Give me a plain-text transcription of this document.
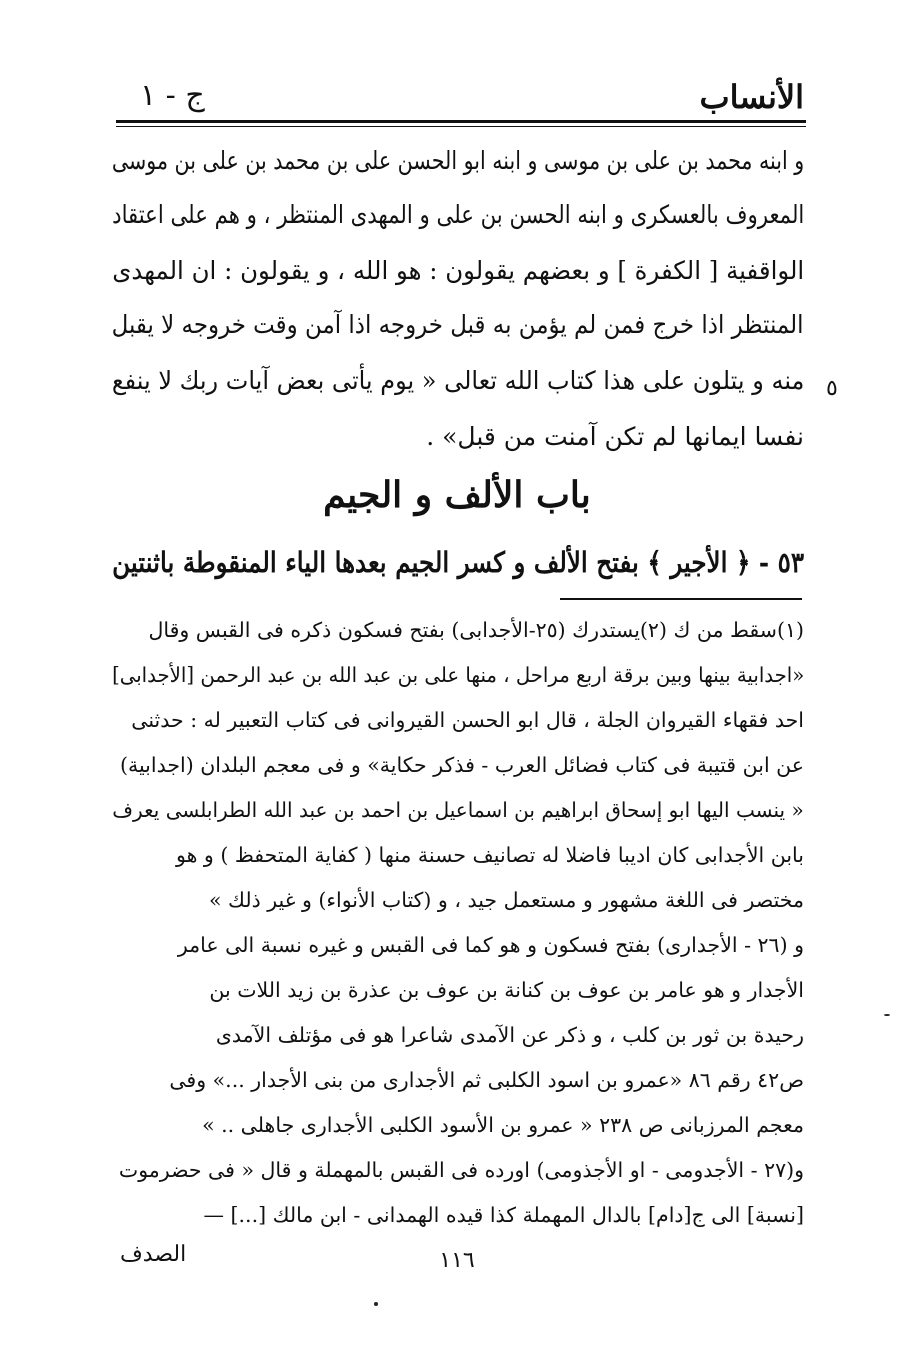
الأنساب
ج - ١
و ابنه محمد بن علی بن موسى و ابنه ابو الحسن على بن محمد بن على بن موسى
المعروف بالعسکری و ابنه الحسن بن علی و المهدی المنتظر ، و هم على اعتقاد
الواقفية [ الكفرة ] و بعضهم يقولون : هو الله ، و يقولون : ان المهدی
المنتظر اذا خرج فمن لم يؤمن به قبل خروجه اذا آمن وقت خروجه لا يقبل
منه و يتلون على هذا كتاب الله تعالى « يوم يأتى بعض آيات ربك لا ينفع
نفسا ايمانها لم تكن آمنت من قبل» .
٥
باب الألف و الجيم
٥٣ - ﴿ الأجير ﴾ بفتح الألف و كسر الجيم بعدها الياء المنقوطة باثنتين
(١)سقط من ك (٢)يستدرك (٢٥-الأجدابى) بفتح فسكون ذكره فى القبس وقال
«اجدابية بينها وبين برقة اربع مراحل ، منها على بن عبد الله بن عبد الرحمن [الأجدابى]
احد فقهاء القيروان الجلة ، قال ابو الحسن القيروانى فى كتاب التعبير له : حدثنى
عن ابن قتيبة فى كتاب فضائل العرب - فذكر حكاية» و فى معجم البلدان (اجدابية)
« ينسب اليها ابو إسحاق ابراهيم بن اسماعيل بن احمد بن عبد الله الطرابلسى يعرف
بابن الأجدابى كان اديبا فاضلا له تصانيف حسنة منها ( كفاية المتحفظ ) و هو
مختصر فى اللغة مشهور و مستعمل جيد ، و (كتاب الأنواء) و غير ذلك »
و (٢٦ - الأجدارى) بفتح فسكون و هو كما فى القبس و غيره نسبة الى عامر
الأجدار و هو عامر بن عوف بن كنانة بن عوف بن عذرة بن زيد اللات بن
رحيدة بن ثور بن كلب ، و ذكر عن الآمدى شاعرا هو فى مؤتلف الآمدى
ص٤٢ رقم ٨٦ «عمرو بن اسود الكلبى ثم الأجدارى من بنى الأجدار ...» وفى
معجم المرزبانى ص ٢٣٨ « عمرو بن الأسود الكلبى الأجدارى جاهلى .. »
و(٢٧ - الأجدومى - او الأجذومى) اورده فى القبس بالمهملة و قال « فى حضرموت
[نسبة] الى ج[دام] بالدال المهملة كذا قيده الهمدانى - ابن مالك [...] —
١١٦
الصدف
